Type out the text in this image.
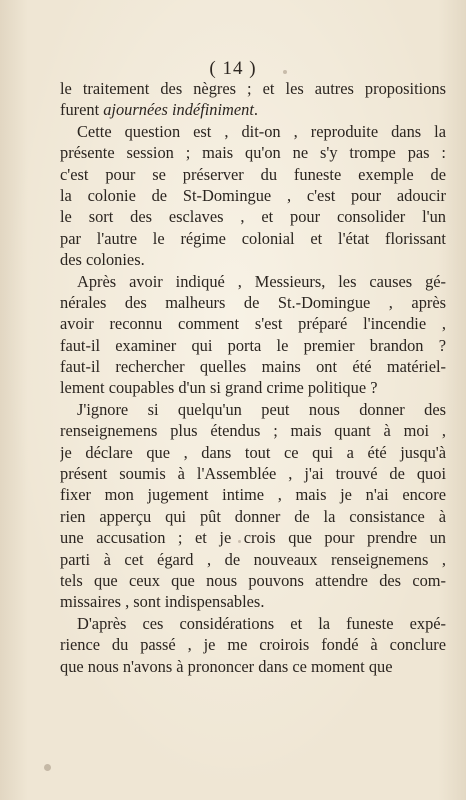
( 14 )
le traitement des nègres ; et les autres propositions
furent ajournées indéfiniment.
Cette question est , dit-on , reproduite dans la
présente session ; mais qu'on ne s'y trompe pas :
c'est pour se préserver du funeste exemple de
la colonie de St-Domingue , c'est pour adoucir
le sort des esclaves , et pour consolider l'un
par l'autre le régime colonial et l'état florissant
des colonies.
Après avoir indiqué , Messieurs, les causes gé-
nérales des malheurs de St.-Domingue , après
avoir reconnu comment s'est préparé l'incendie ,
faut-il examiner qui porta le premier brandon ?
faut-il rechercher quelles mains ont été matériel-
lement coupables d'un si grand crime politique ?
J'ignore si quelqu'un peut nous donner des
renseignemens plus étendus ; mais quant à moi ,
je déclare que , dans tout ce qui a été jusqu'à
présent soumis à l'Assemblée , j'ai trouvé de quoi
fixer mon jugement intime , mais je n'ai encore
rien apperçu qui pût donner de la consistance à
une accusation ; et je crois que pour prendre un
parti à cet égard , de nouveaux renseignemens ,
tels que ceux que nous pouvons attendre des com-
missaires , sont indispensables.
D'après ces considérations et la funeste expé-
rience du passé , je me croirois fondé à conclure
que nous n'avons à prononcer dans ce moment que
